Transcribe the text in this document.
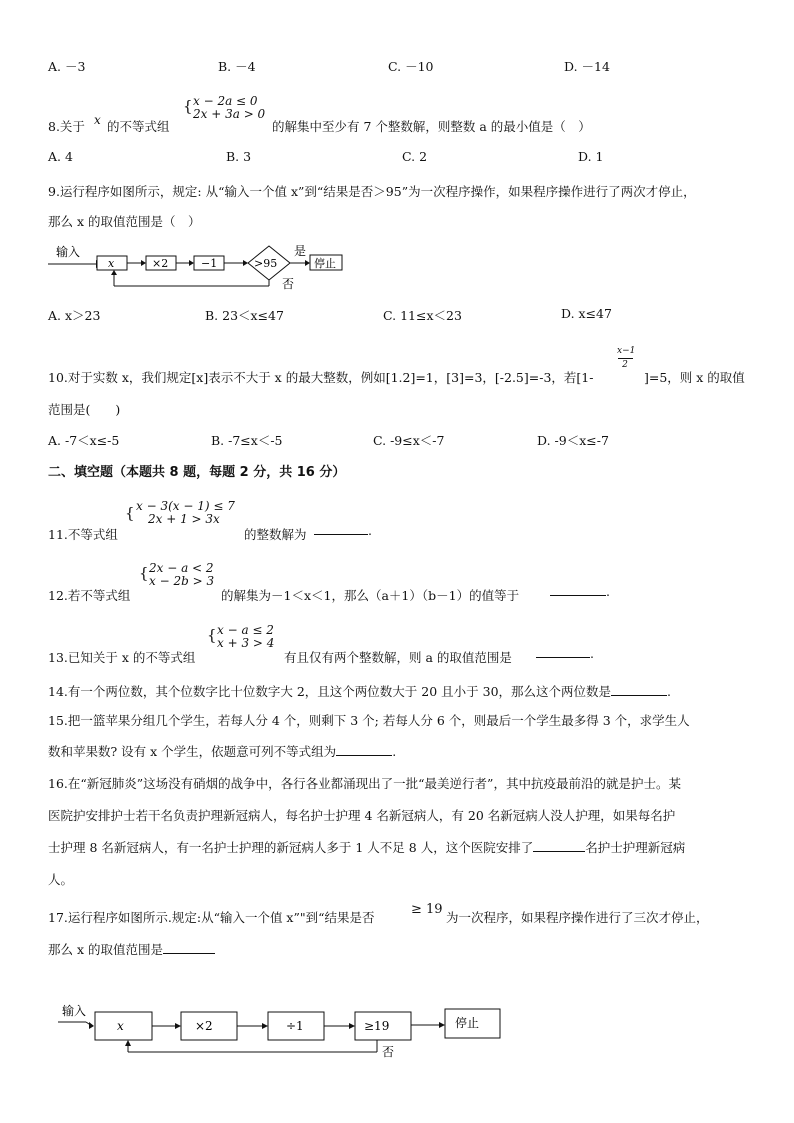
A. －3	B. －4	C. －10	D. －14
8.关于 x 的不等式组
{ x − 2a ≤ 0
2x + 3a > 0
的解集中至少有 7 个整数解，则整数 a 的最小值是（　）
A. 4	B. 3	C. 2	D. 1
9.运行程序如图所示，规定: 从“输入一个值 x”到“结果是否＞95”为一次程序操作，如果程序操作进行了两次才停止，
那么 x 的取值范围是（　）
输入
x	×2	−1	>95
是
停止
否
A. x＞23	B. 23＜x≤47	C. 11≤x＜23	D. x≤47
10.对于实数 x，我们规定[x]表示不大于 x 的最大整数，例如[1.2]=1，[3]=3，[-2.5]=-3，若[1-
x−1
2
]=5，则 x 的取值
范围是(　　)
A. -7＜x≤-5	B. -7≤x＜-5	C. -9≤x＜-7	D. -9＜x≤-7
二、填空题（本题共 8 题，每题 2 分，共 16 分）
11.不等式组
{ x − 3(x − 1) ≤ 7
2x + 1 > 3x
的整数解为	.
12.若不等式组
{ 2x − a < 2
x − 2b > 3
的解集为－1＜x＜1，那么（a＋1）（b－1）的值等于	.
13.已知关于 x 的不等式组
{ x − a ≤ 2
x + 3 > 4
有且仅有两个整数解，则 a 的取值范围是	.
14.有一个两位数，其个位数字比十位数字大 2，且这个两位数大于 20 且小于 30，那么这个两位数是	.
15.把一篮苹果分组几个学生，若每人分 4 个，则剩下 3 个; 若每人分 6 个，则最后一个学生最多得 3 个，求学生人
数和苹果数? 设有 x 个学生，依题意可列不等式组为	.
16.在“新冠肺炎”这场没有硝烟的战争中，各行各业都涌现出了一批“最美逆行者”，其中抗疫最前沿的就是护士。某
医院护安排护士若干名负责护理新冠病人，每名护士护理 4 名新冠病人，有 20 名新冠病人没人护理，如果每名护
士护理 8 名新冠病人，有一名护士护理的新冠病人多于 1 人不足 8 人，这个医院安排了	名护士护理新冠病
人。
17.运行程序如图所示.规定:从“输入一个值 x”"到“结果是否
≥ 19
为一次程序，如果程序操作进行了三次才停止，
那么 x 的取值范围是
输入
x	×2	÷1	≥19	停止
否
